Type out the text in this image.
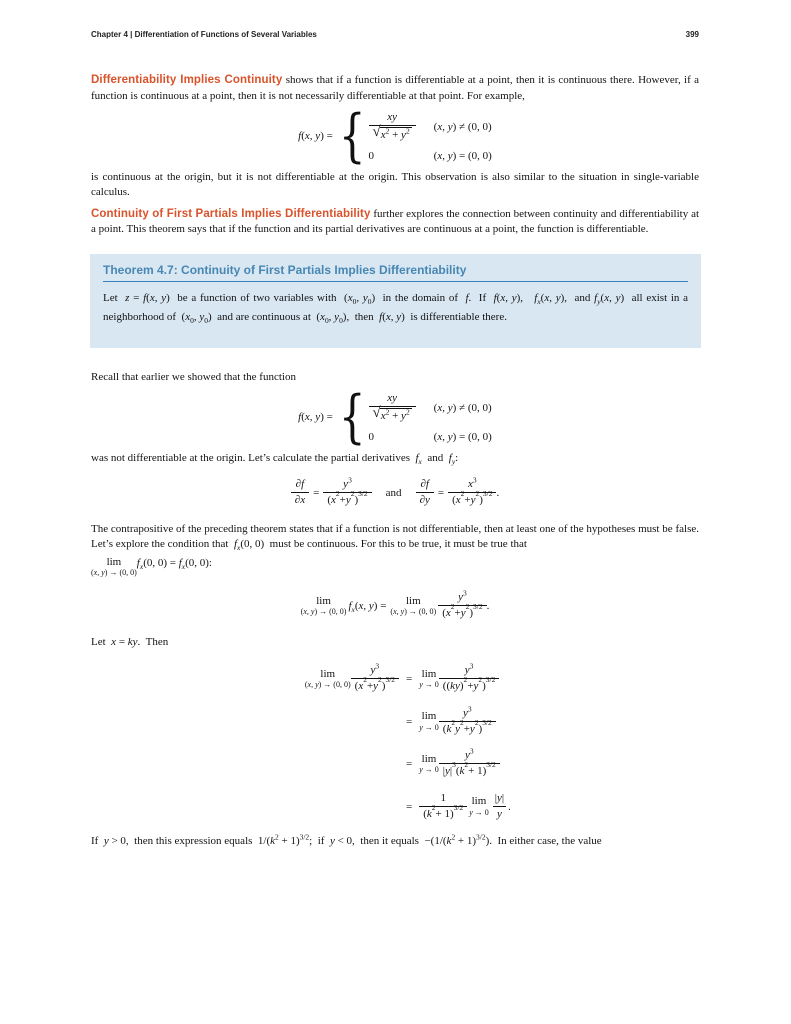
Chapter 4 | Differentiation of Functions of Several Variables	399

Differentiability Implies Continuity shows that if a function is differentiable at a point, then it is continuous there. However, if a function is continuous at a point, then it is not necessarily differentiable at that point. For example,

f(x, y) = { $\frac{xy}{√ x^2 + y^2} (x$, y) ≠ (0, 0)
0	(x, y) = (0, 0)

is continuous at the origin, but it is not differentiable at the origin. This observation is also similar to the situation in single-variable calculus.

Continuity of First Partials Implies Differentiability further explores the connection between continuity and differentiability at a point. This theorem says that if the function and its partial derivatives are continuous at a point, the function is differentiable.

Theorem 4.7: Continuity of First Partials Implies Differentiability

Let  z = f(x, y)  be a function of two variables with  ($x_0$, $y_0$)  in the domain of  f.  If  f(x, y),   $f_x(x$, y),  and $f_y(x$, y)  all exist in a neighborhood of  ($x_0$, $y_0$)  and are continuous at  ($x_0$, $y_0$),  then  f(x, y)  is differentiable there.

Recall that earlier we showed that the function

f(x, y) = { $\frac{xy}{√ x^2 + y^2} (x$, y) ≠ (0, 0)
0	(x, y) = (0, 0)

was not differentiable at the origin. Let’s calculate the partial derivatives  $f_x$  and  $f_y$:

$\frac{\partial f}{\partial x} = y^3$
( x
2
+ y
2
)
3/2 and $\frac{\partial f}{\partial y} = x^3$
( x
2
+ y
2
)
3/2 .

The contrapositive of the preceding theorem states that if a function is not differentiable, then at least one of the hypotheses must be false. Let’s explore the condition that  $f_x(0$, 0)  must be continuous. For this to be true, it must be true that

lim
(x, y) → (0, 0)
$f_x(0$, $0) = f_x(0$, 0):
lim
(x, y) → (0, 0) $f_x(x$, y) = lim
(x, y) → (0, 0) $y^3$
( x
2
+ y
2
)
3/2 .

Let  x = ky.  Then

lim
(x, y) → (0, 0) $y^3$
( x
2
+ y
2
)
3/2 = lim
y → 0 $y^3$
(( ky )
2
+ y
2
)
3/2
= lim
y → 0 $y^3$
( k
2
y
2
+ y
2
)
3/2
= lim
y → 0 $y^3$
| y |
3
( k
2
+ 1)
3/2
= 1
( k
2
+ 1)
3/2 lim
$y \to 0 \frac{|y|}{y}$ .

If  y > 0,  then this expression equals  $1/(k^2 + 1)^{3/2}$;  if  y < 0,  then it equals  $-(1/(k^2 + 1)^{3/2})$.  In either case, the value
